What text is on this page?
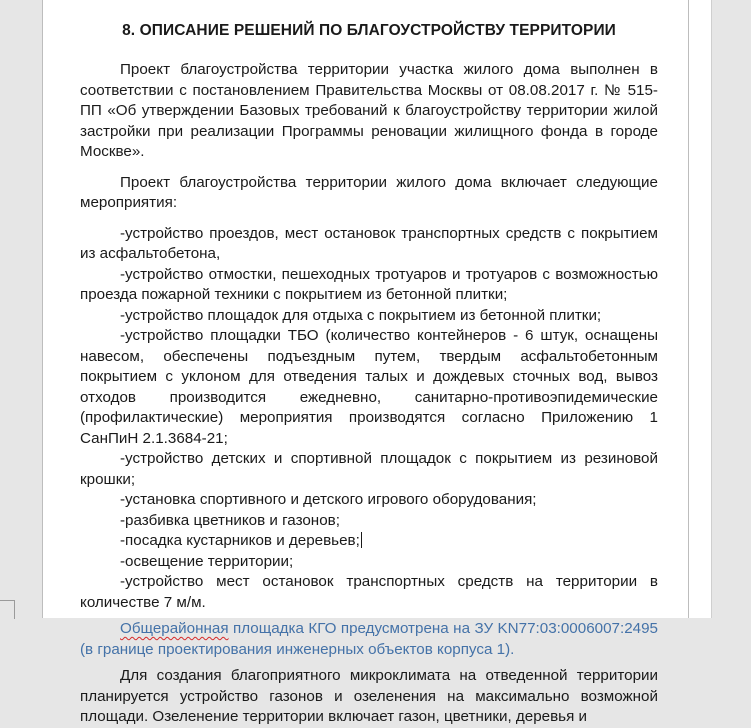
8. ОПИСАНИЕ РЕШЕНИЙ ПО БЛАГОУСТРОЙСТВУ ТЕРРИТОРИИ

Проект благоустройства территории участка жилого дома выполнен в соответствии с постановлением Правительства Москвы от 08.08.2017 г. № 515-ПП «Об утверждении Базовых требований к благоустройству территории жилой застройки при реализации Программы реновации жилищного фонда в городе Москве».

Проект благоустройства территории жилого дома включает следующие мероприятия:

-устройство проездов, мест остановок транспортных средств с покрытием из асфальтобетона,

-устройство отмостки, пешеходных тротуаров и тротуаров с возможностью проезда пожарной техники с покрытием из бетонной плитки;

-устройство площадок для отдыха с покрытием из бетонной плитки;

-устройство площадки ТБО (количество контейнеров - 6 штук, оснащены навесом, обеспечены подъездным путем, твердым асфальтобетонным покрытием с уклоном для отведения талых и дождевых сточных вод, вывоз отходов производится ежедневно, санитарно-противоэпидемические (профилактические) мероприятия производятся согласно Приложению 1 СанПиН 2.1.3684-21;

-устройство детских и спортивной площадок с покрытием из резиновой крошки;

-установка спортивного и детского игрового оборудования;

-разбивка цветников и газонов;

-посадка кустарников и деревьев;

-освещение территории;

-устройство мест остановок транспортных средств на территории в количестве 7 м/м.

Общерайонная площадка КГО предусмотрена на ЗУ KN77:03:0006007:2495 (в границе проектирования инженерных объектов корпуса 1).

Для создания благоприятного микроклимата на отведенной территории планируется устройство газонов и озеленения на максимально возможной площади. Озеленение территории включает газон, цветники, деревья и
